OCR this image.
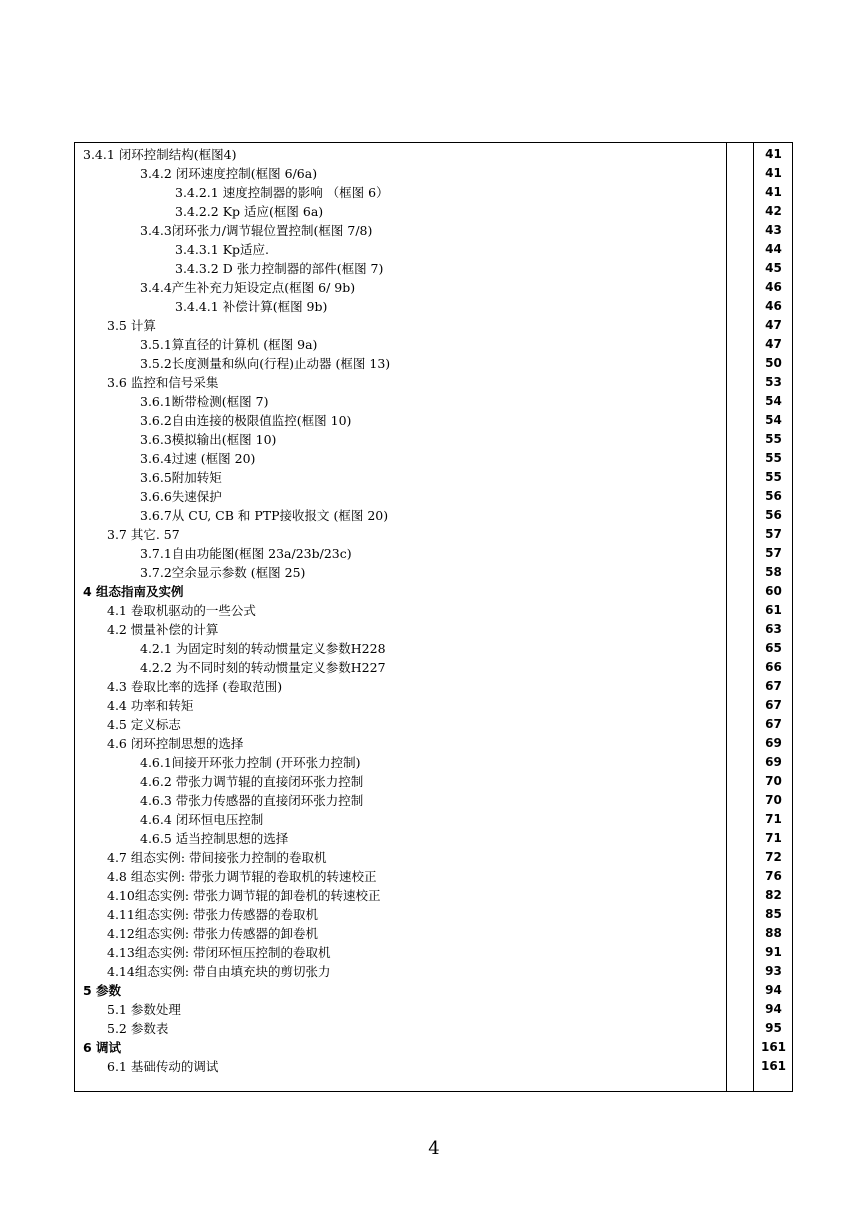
3.4.1 闭环控制结构(框图4)	41
3.4.2 闭环速度控制(框图 6/6a)	41
3.4.2.1 速度控制器的影响 （框图 6）	41
3.4.2.2 Kp 适应(框图 6a)	42
3.4.3闭环张力/调节辊位置控制(框图 7/8)	43
3.4.3.1 Kp适应.	44
3.4.3.2 D 张力控制器的部件(框图 7)	45
3.4.4产生补充力矩设定点(框图 6/ 9b)	46
3.4.4.1 补偿计算(框图 9b)	46
3.5 计算	47
3.5.1算直径的计算机 (框图 9a)	47
3.5.2长度测量和纵向(行程)止动器 (框图 13)	50
3.6 监控和信号采集	53
3.6.1断带检测(框图 7)	54
3.6.2自由连接的极限值监控(框图 10)	54
3.6.3模拟输出(框图 10)	55
3.6.4过速 (框图 20)	55
3.6.5附加转矩	55
3.6.6失速保护	56
3.6.7从 CU, CB 和 PTP接收报文 (框图 20)	56
3.7 其它. 57	57
3.7.1自由功能图(框图 23a/23b/23c)	57
3.7.2空余显示参数 (框图 25)	58
4 组态指南及实例	60
4.1 卷取机驱动的一些公式	61
4.2 惯量补偿的计算	63
4.2.1 为固定时刻的转动惯量定义参数H228	65
4.2.2 为不同时刻的转动惯量定义参数H227	66
4.3 卷取比率的选择 (卷取范围)	67
4.4 功率和转矩	67
4.5 定义标志	67
4.6 闭环控制思想的选择	69
4.6.1间接开环张力控制 (开环张力控制)	69
4.6.2 带张力调节辊的直接闭环张力控制	70
4.6.3 带张力传感器的直接闭环张力控制	70
4.6.4 闭环恒电压控制	71
4.6.5 适当控制思想的选择	71
4.7 组态实例: 带间接张力控制的卷取机	72
4.8 组态实例: 带张力调节辊的卷取机的转速校正	76
4.10组态实例: 带张力调节辊的卸卷机的转速校正	82
4.11组态实例: 带张力传感器的卷取机	85
4.12组态实例: 带张力传感器的卸卷机	88
4.13组态实例: 带闭环恒压控制的卷取机	91
4.14组态实例: 带自由填充块的剪切张力	93
5 参数	94
5.1 参数处理	94
5.2 参数表	95
6 调试	161
6.1 基础传动的调试	161
4
